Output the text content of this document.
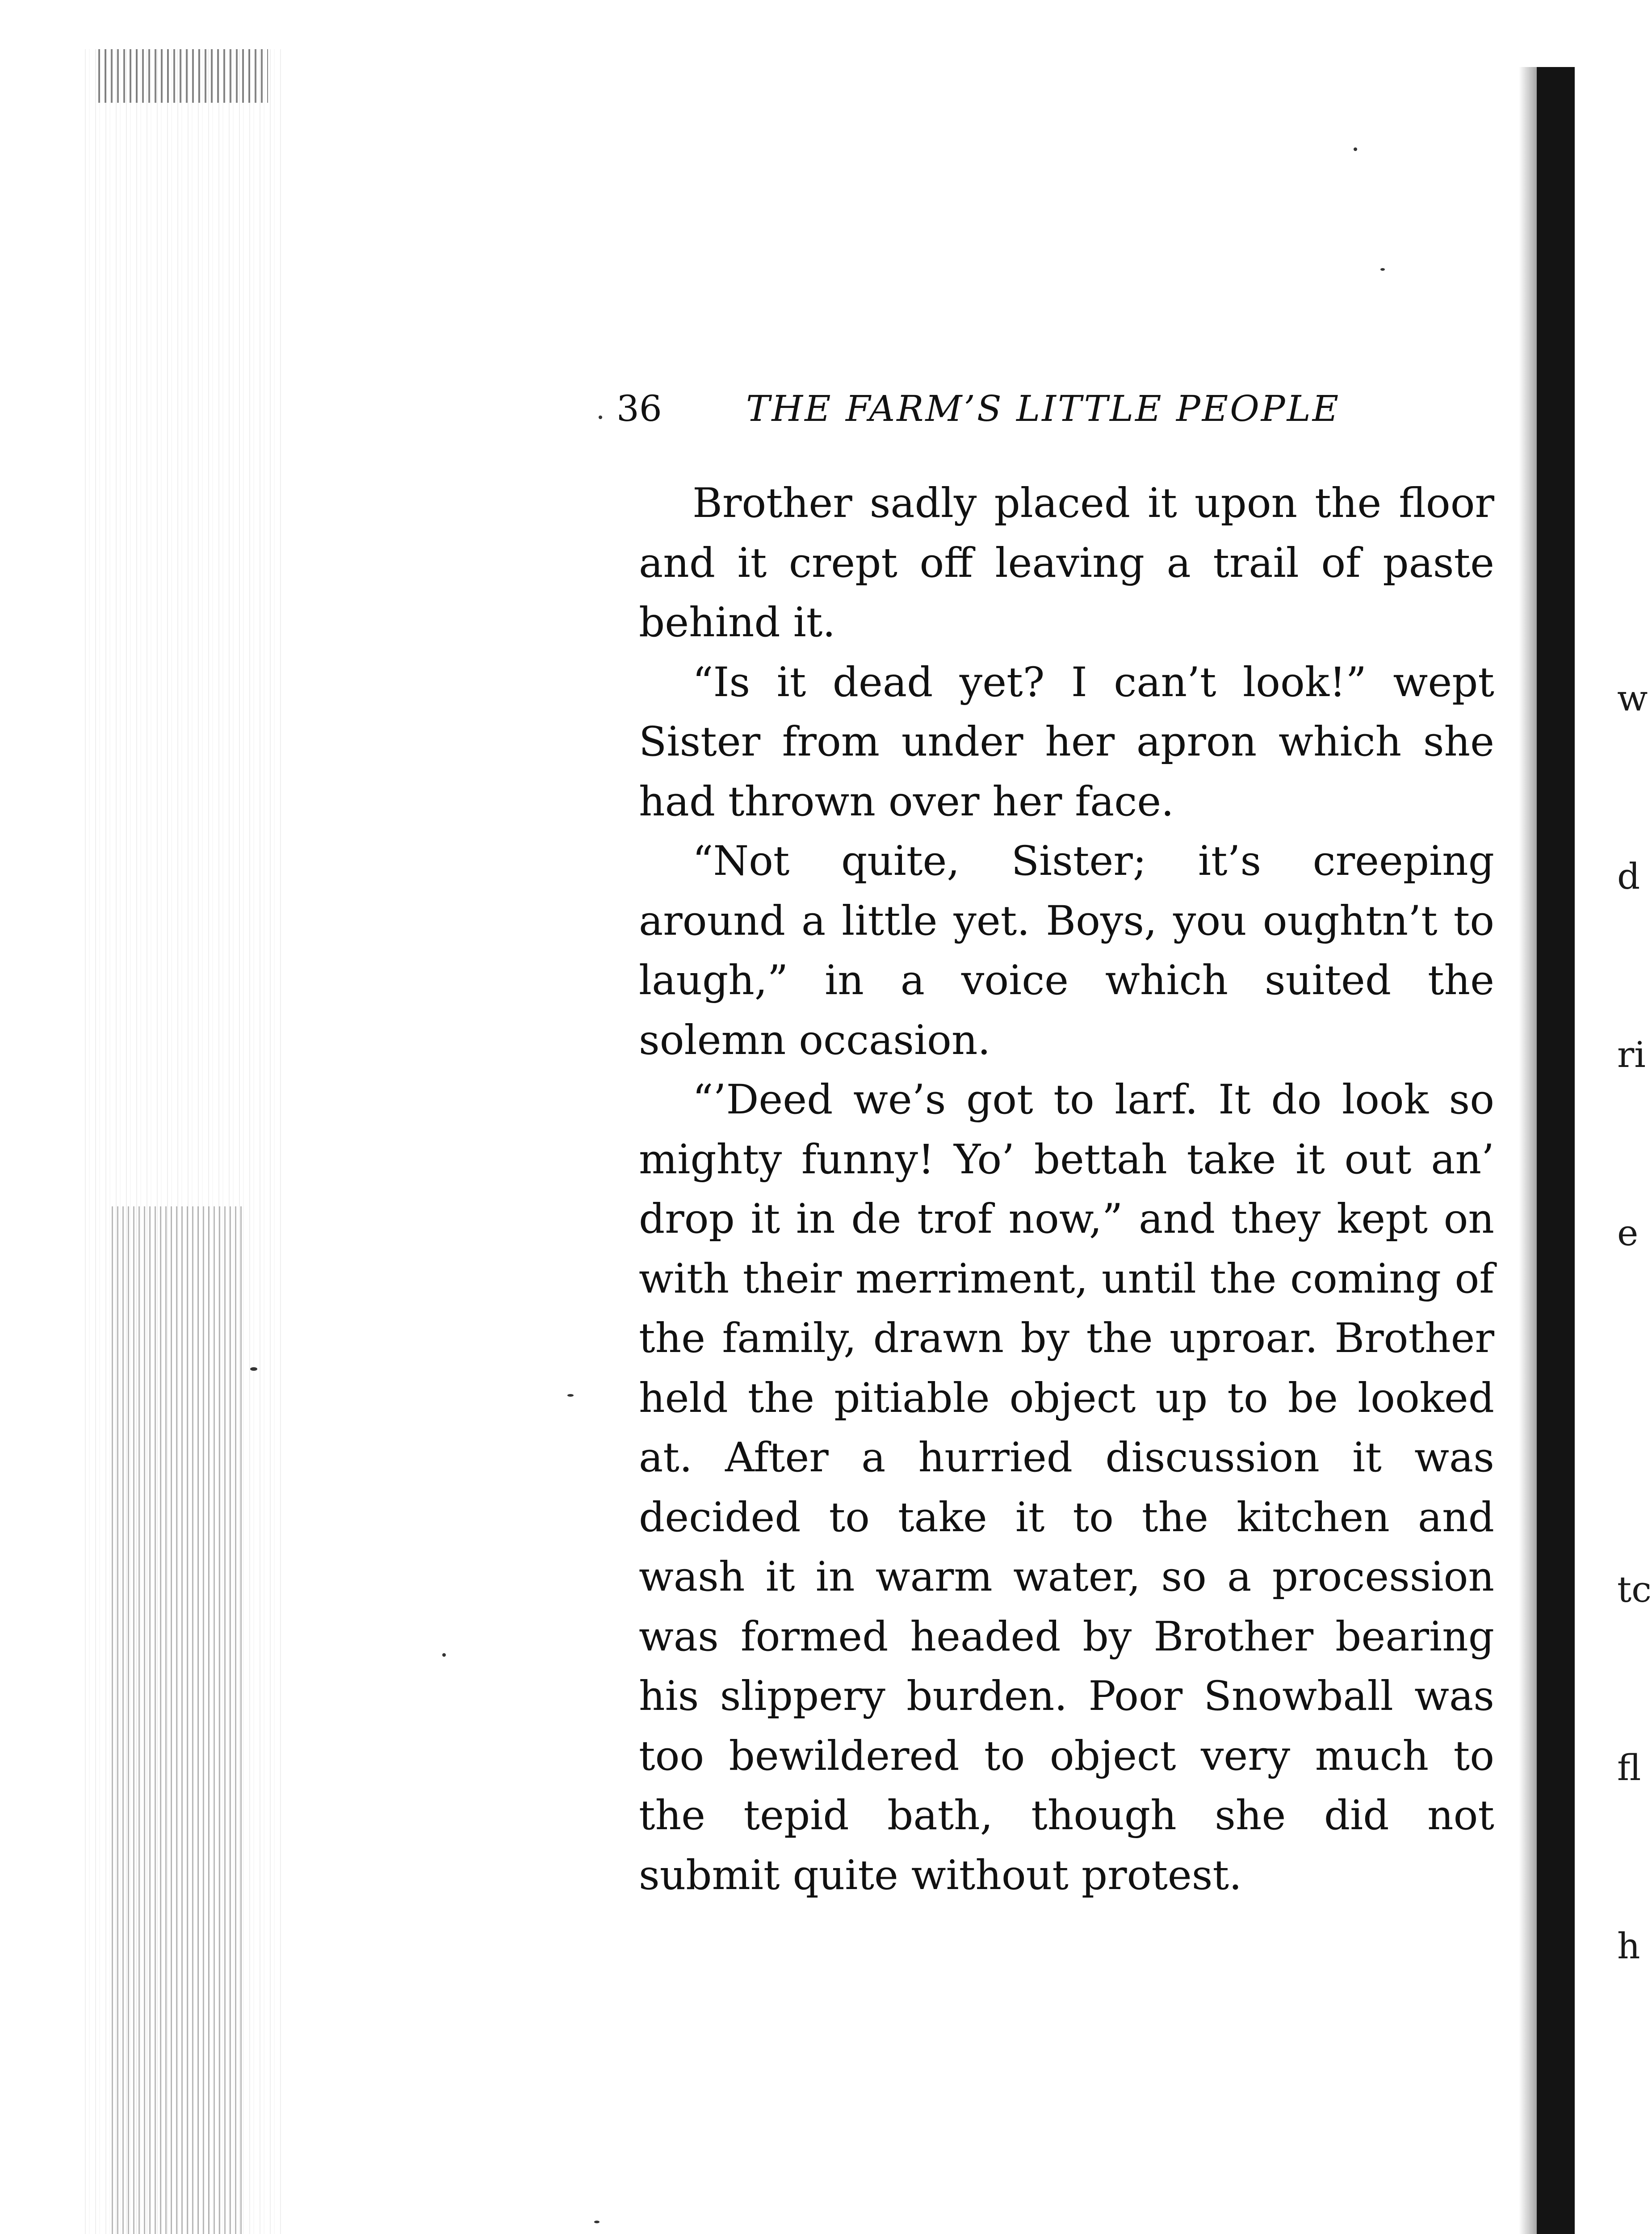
w

d

ri

e

tc

fl

h

36 THE FARM’S LITTLE PEOPLE

Brother sadly placed it upon the floor and it crept off leaving a trail of paste behind it.

“Is it dead yet? I can’t look!” wept Sister from under her apron which she had thrown over her face.

“Not quite, Sister; it’s creeping around a little yet. Boys, you oughtn’t to laugh,” in a voice which suited the solemn occasion.

“’Deed we’s got to larf. It do look so mighty funny! Yo’ bettah take it out an’ drop it in de trof now,” and they kept on with their merriment, until the coming of the family, drawn by the uproar. Brother held the pitiable object up to be looked at. After a hurried discussion it was decided to take it to the kitchen and wash it in warm water, so a procession was formed headed by Brother bearing his slippery burden. Poor Snowball was too bewildered to object very much to the tepid bath, though she did not submit quite without protest.
